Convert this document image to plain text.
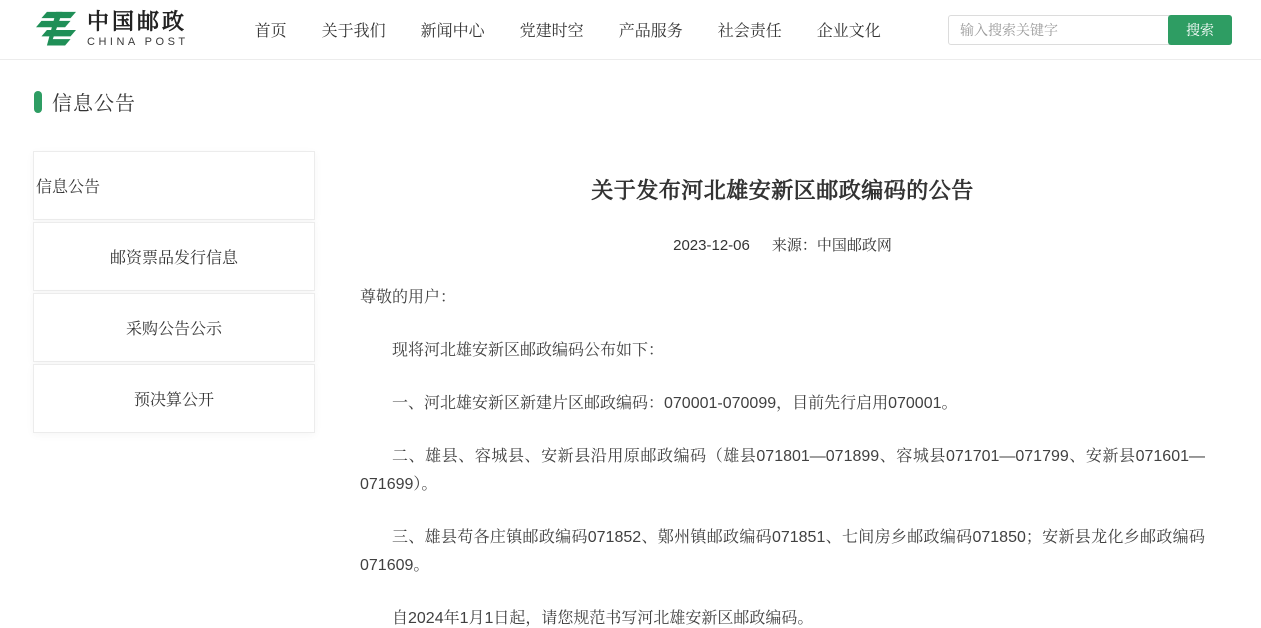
中国邮政
CHINA POST
首页 关于我们 新闻中心 党建时空 产品服务 社会责任 企业文化
输入搜索关键字	搜索
信息公告
信息公告
邮资票品发行信息
采购公告公示
预决算公开
关于发布河北雄安新区邮政编码的公告
2023-12-06 来源：中国邮政网

尊敬的用户：

现将河北雄安新区邮政编码公布如下：

一、河北雄安新区新建片区邮政编码：070001-070099，目前先行启用070001。

二、雄县、容城县、安新县沿用原邮政编码（雄县071801—071899、容城县071701—071799、安新县071601—071699）。

三、雄县苟各庄镇邮政编码071852、鄚州镇邮政编码071851、七间房乡邮政编码071850；安新县龙化乡邮政编码071609。

自2024年1月1日起，请您规范书写河北雄安新区邮政编码。
